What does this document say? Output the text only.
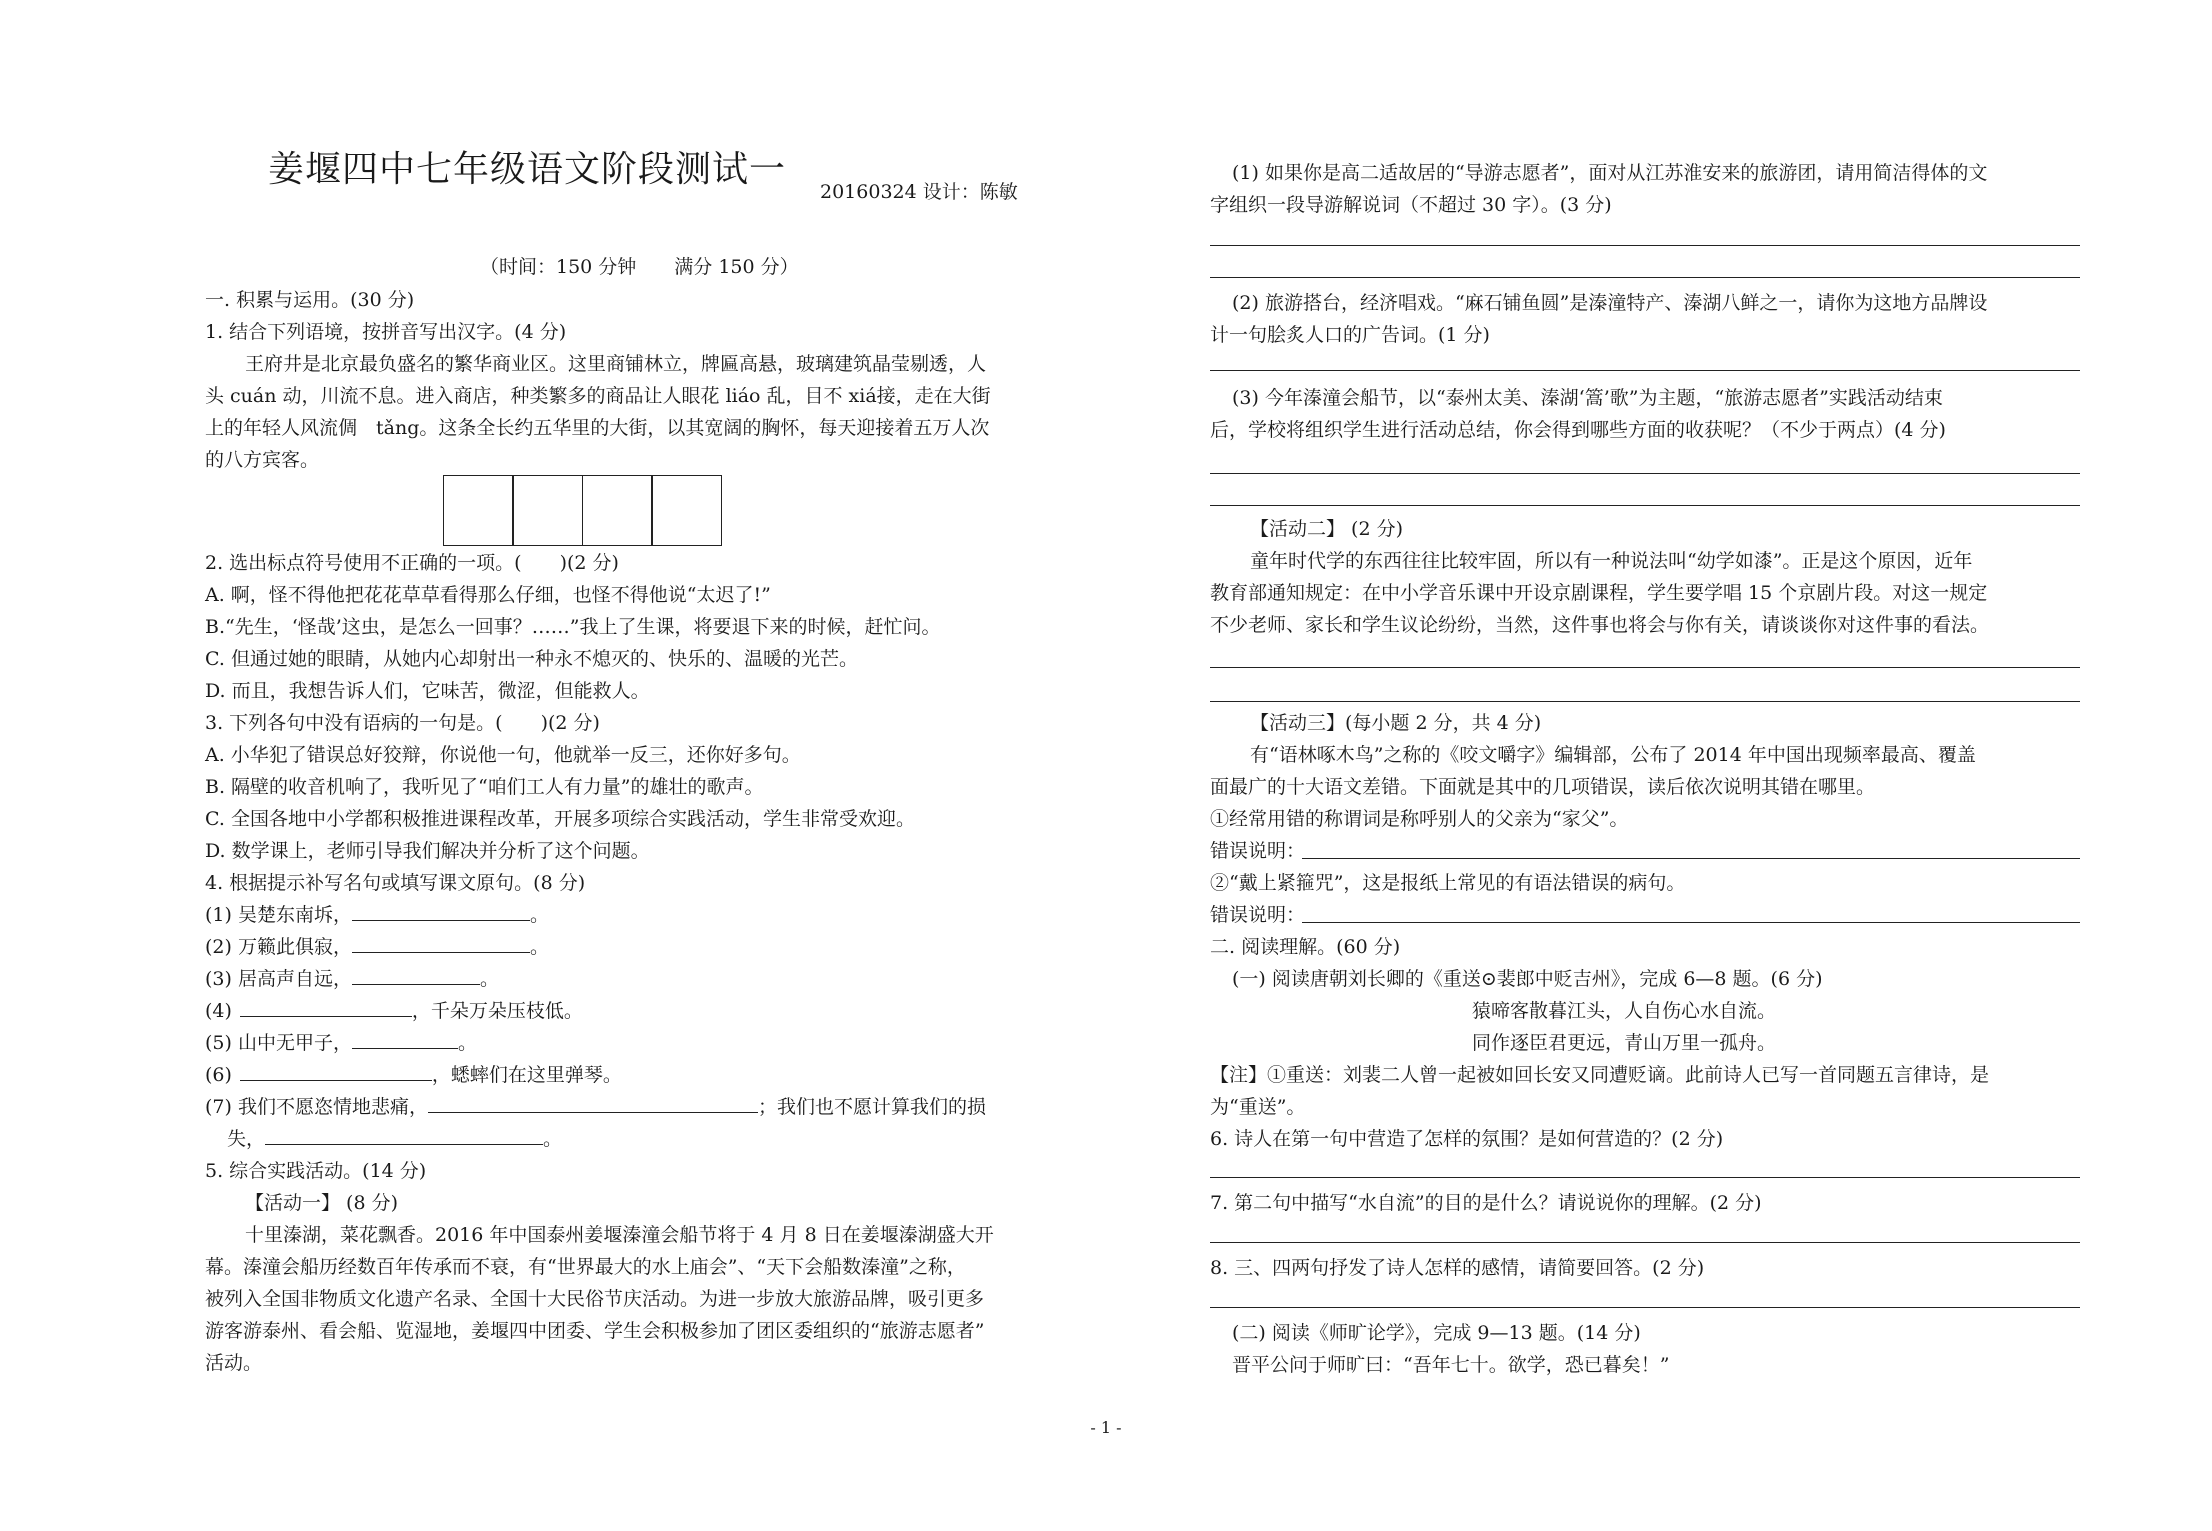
姜堰四中七年级语文阶段测试一
20160324 设计：陈敏
（时间：150 分钟　　满分 150 分）
一. 积累与运用。(30 分)
1. 结合下列语境，按拼音写出汉字。(4 分)
王府井是北京最负盛名的繁华商业区。这里商铺林立，牌匾高悬，玻璃建筑晶莹剔透，人
头 cuán 动，川流不息。进入商店，种类繁多的商品让人眼花 liáo 乱，目不 xiá接，走在大街
上的年轻人风流倜　tǎng。这条全长约五华里的大街，以其宽阔的胸怀，每天迎接着五万人次
的八方宾客。
2. 选出标点符号使用不正确的一项。(　　)(2 分)
A. 啊，怪不得他把花花草草看得那么仔细，也怪不得他说“太迟了!”
B.“先生，‘怪哉’这虫，是怎么一回事？……”我上了生课，将要退下来的时候，赶忙问。
C. 但通过她的眼睛，从她内心却射出一种永不熄灭的、快乐的、温暖的光芒。
D. 而且，我想告诉人们，它味苦，微涩，但能救人。
3. 下列各句中没有语病的一句是。(　　)(2 分)
A. 小华犯了错误总好狡辩，你说他一句，他就举一反三，还你好多句。
B. 隔壁的收音机响了，我听见了“咱们工人有力量”的雄壮的歌声。
C. 全国各地中小学都积极推进课程改革，开展多项综合实践活动，学生非常受欢迎。
D. 数学课上，老师引导我们解决并分析了这个问题。
4. 根据提示补写名句或填写课文原句。(8 分)
(1) 吴楚东南坼，	。
(2) 万籁此俱寂，	。
(3) 居高声自远，	。
(4)	，千朵万朵压枝低。
(5) 山中无甲子，	。
(6)	，蟋蟀们在这里弹琴。
(7) 我们不愿恣情地悲痛，	；我们也不愿计算我们的损
失，	。
5. 综合实践活动。(14 分)
【活动一】 (8 分)
十里溱湖，菜花飘香。2016 年中国泰州姜堰溱潼会船节将于 4 月 8 日在姜堰溱湖盛大开
幕。溱潼会船历经数百年传承而不衰，有“世界最大的水上庙会”、“天下会船数溱潼”之称，
被列入全国非物质文化遗产名录、全国十大民俗节庆活动。为进一步放大旅游品牌，吸引更多
游客游泰州、看会船、览湿地，姜堰四中团委、学生会积极参加了团区委组织的“旅游志愿者”
活动。
(1) 如果你是高二适故居的“导游志愿者”，面对从江苏淮安来的旅游团，请用简洁得体的文
字组织一段导游解说词（不超过 30 字）。(3 分)
(2) 旅游搭台，经济唱戏。“麻石铺鱼圆”是溱潼特产、溱湖八鲜之一，请你为这地方品牌设
计一句脍炙人口的广告词。(1 分)
(3) 今年溱潼会船节，以“泰州太美、溱湖‘篙’歌”为主题，“旅游志愿者”实践活动结束
后，学校将组织学生进行活动总结，你会得到哪些方面的收获呢？（不少于两点）(4 分)
【活动二】 (2 分)
童年时代学的东西往往比较牢固，所以有一种说法叫“幼学如漆”。正是这个原因，近年
教育部通知规定：在中小学音乐课中开设京剧课程，学生要学唱 15 个京剧片段。对这一规定
不少老师、家长和学生议论纷纷，当然，这件事也将会与你有关，请谈谈你对这件事的看法。
【活动三】(每小题 2 分，共 4 分)
有“语林啄木鸟”之称的《咬文嚼字》编辑部，公布了 2014 年中国出现频率最高、覆盖
面最广的十大语文差错。下面就是其中的几项错误，读后依次说明其错在哪里。
①经常用错的称谓词是称呼别人的父亲为“家父”。
错误说明：
②“戴上紧箍咒”，这是报纸上常见的有语法错误的病句。
错误说明：
二. 阅读理解。(60 分)
(一) 阅读唐朝刘长卿的《重送⊙裴郎中贬吉州》，完成 6—8 题。(6 分)
猿啼客散暮江头，人自伤心水自流。
同作逐臣君更远，青山万里一孤舟。
【注】①重送：刘裴二人曾一起被如回长安又同遭贬谪。此前诗人已写一首同题五言律诗，是
为“重送”。
6. 诗人在第一句中营造了怎样的氛围？是如何营造的？(2 分)
7. 第二句中描写“水自流”的目的是什么？请说说你的理解。(2 分)
8. 三、四两句抒发了诗人怎样的感情，请简要回答。(2 分)
(二) 阅读《师旷论学》，完成 9—13 题。(14 分)
晋平公问于师旷曰：“吾年七十。欲学，恐已暮矣！”
- 1 -
